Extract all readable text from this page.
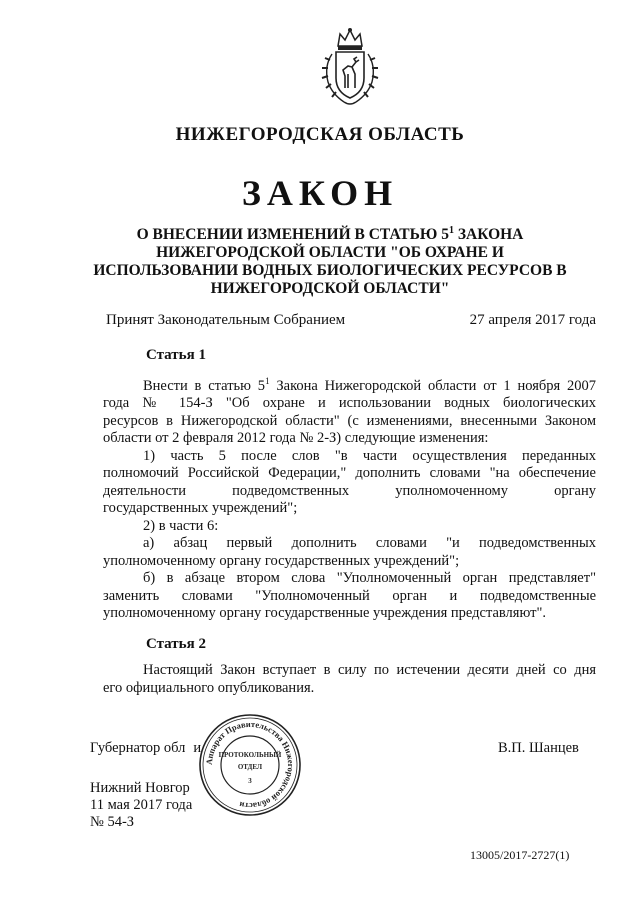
НИЖЕГОРОДСКАЯ ОБЛАСТЬ
ЗАКОН
О ВНЕСЕНИИ ИЗМЕНЕНИЙ В СТАТЬЮ $5^1$ ЗАКОНА
НИЖЕГОРОДСКОЙ ОБЛАСТИ "ОБ ОХРАНЕ И
ИСПОЛЬЗОВАНИИ ВОДНЫХ БИОЛОГИЧЕСКИХ РЕСУРСОВ В
НИЖЕГОРОДСКОЙ ОБЛАСТИ"
Принят Законодательным Собранием	27 апреля 2017 года
Статья 1

Внести в статью $5^1$ Закона Нижегородской области от 1 ноября 2007

года № 154-З "Об охране и использовании водных биологических

ресурсов в Нижегородской области" (с изменениями, внесенными Законом

области от 2 февраля 2012 года № 2-З) следующие изменения:

1) часть 5 после слов "в части осуществления переданных

полномочий Российской Федерации," дополнить словами "на обеспечение

деятельности подведомственных уполномоченному органу

государственных учреждений";

2) в части 6:

а) абзац первый дополнить словами "и подведомственных

уполномоченному органу государственных учреждений";

б) в абзаце втором слова "Уполномоченный орган представляет"

заменить словами "Уполномоченный орган и подведомственные

уполномоченному органу государственные учреждения представляют".

Статья 2

Настоящий Закон вступает в силу по истечении десяти дней со дня

его официального опубликования.

Губернатор обл и	В.П. Шанцев
Нижний Новгор
11 мая 2017 года
№ 54-З
Аппарат Правительства Нижегородской области
ПРОТОКОЛЬНЫЙ
ОТДЕЛ
3
13005/2017-2727(1)
